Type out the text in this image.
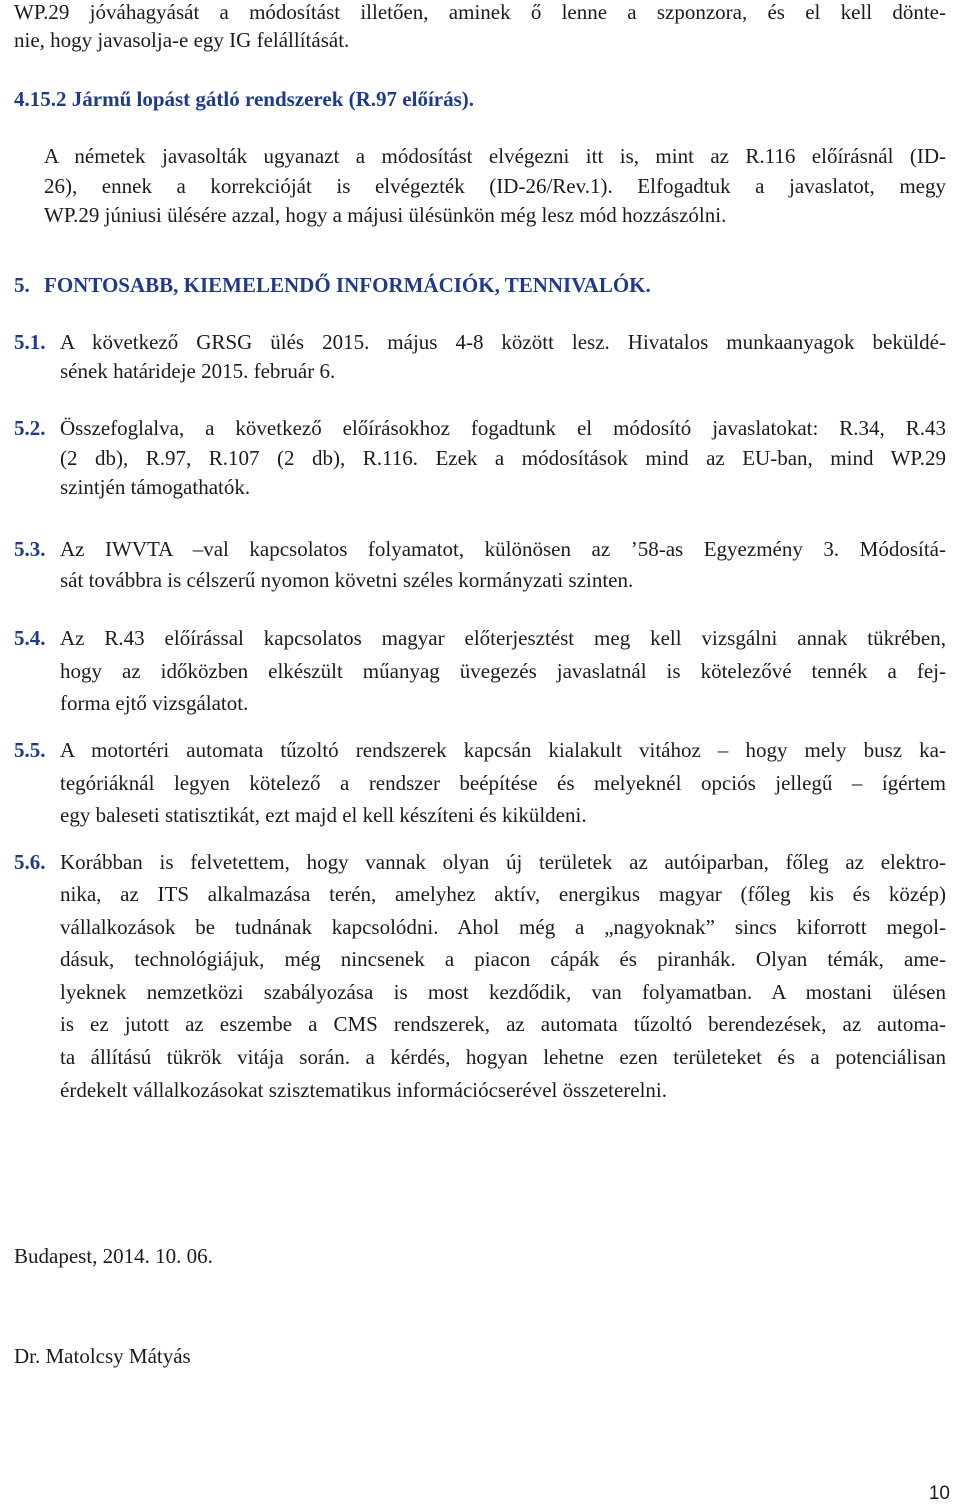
WP.29 jóváhagyását a módosítást illetően, aminek ő lenne a szponzora, és el kell dönte-
nie, hogy javasolja-e egy IG felállítását.
4.15.2 Jármű lopást gátló rendszerek (R.97 előírás).
A németek javasolták ugyanazt a módosítást elvégezni itt is, mint az R.116 előírásnál (ID-
26), ennek a korrekcióját is elvégezték (ID-26/Rev.1). Elfogadtuk a javaslatot, megy
WP.29 júniusi ülésére azzal, hogy a májusi ülésünkön még lesz mód hozzászólni.
5. FONTOSABB, KIEMELENDŐ INFORMÁCIÓK, TENNIVALÓK.
5.1. A következő GRSG ülés 2015. május 4-8 között lesz. Hivatalos munkaanyagok beküldé-
sének határideje 2015. február 6.
5.2. Összefoglalva, a következő előírásokhoz fogadtunk el módosító javaslatokat: R.34, R.43
(2 db), R.97, R.107 (2 db), R.116. Ezek a módosítások mind az EU-ban, mind WP.29
szintjén támogathatók.
5.3. Az IWVTA –val kapcsolatos folyamatot, különösen az ’58-as Egyezmény 3. Módosítá-
sát továbbra is célszerű nyomon követni széles kormányzati szinten.
5.4. Az R.43 előírással kapcsolatos magyar előterjesztést meg kell vizsgálni annak tükrében,
hogy az időközben elkészült műanyag üvegezés javaslatnál is kötelezővé tennék a fej-
forma ejtő vizsgálatot.
5.5. A motortéri automata tűzoltó rendszerek kapcsán kialakult vitához – hogy mely busz ka-
tegóriáknál legyen kötelező a rendszer beépítése és melyeknél opciós jellegű – ígértem
egy baleseti statisztikát, ezt majd el kell készíteni és kiküldeni.
5.6. Korábban is felvetettem, hogy vannak olyan új területek az autóiparban, főleg az elektro-
nika, az ITS alkalmazása terén, amelyhez aktív, energikus magyar (főleg kis és közép)
vállalkozások be tudnának kapcsolódni. Ahol még a „nagyoknak” sincs kiforrott megol-
dásuk, technológiájuk, még nincsenek a piacon cápák és piranhák. Olyan témák, ame-
lyeknek nemzetközi szabályozása is most kezdődik, van folyamatban. A mostani ülésen
is ez jutott az eszembe a CMS rendszerek, az automata tűzoltó berendezések, az automa-
ta állítású tükrök vitája során. a kérdés, hogyan lehetne ezen területeket és a potenciálisan
érdekelt vállalkozásokat szisztematikus információcserével összeterelni.
Budapest, 2014. 10. 06.
Dr. Matolcsy Mátyás
10
